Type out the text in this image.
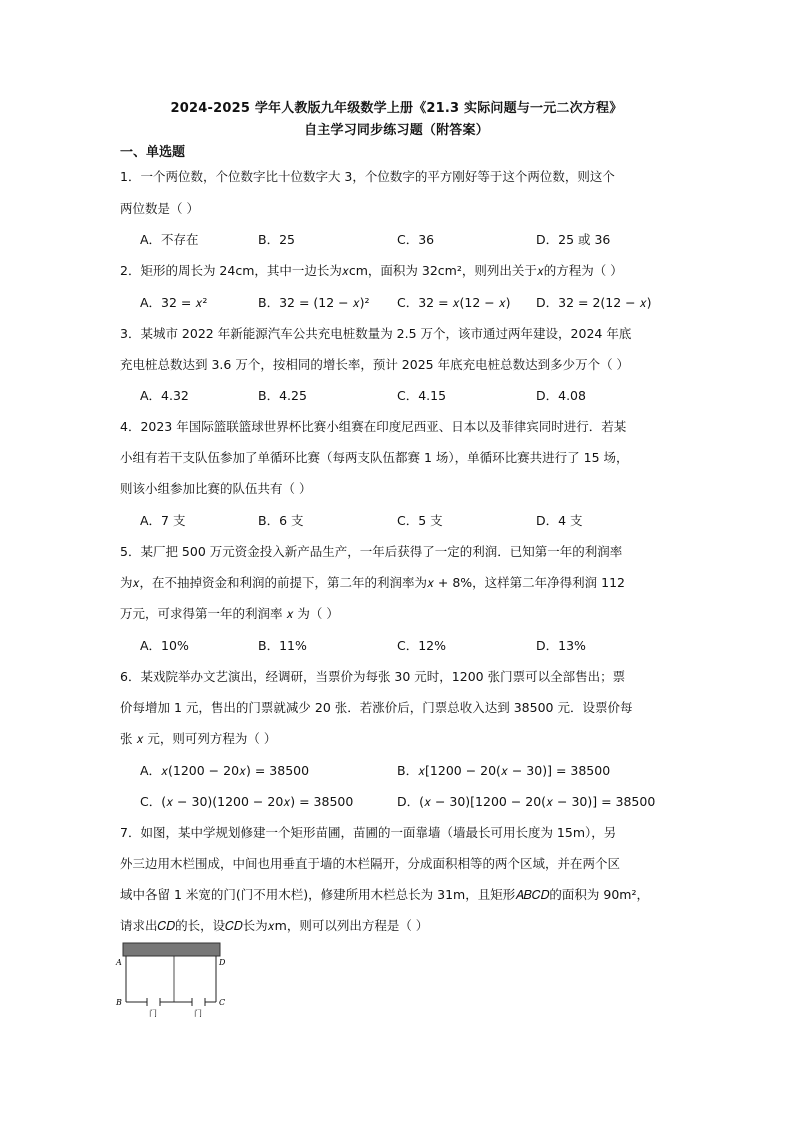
2024-2025 学年人教版九年级数学上册《21.3 实际问题与一元二次方程》
自主学习同步练习题（附答案）
一、单选题
1．一个两位数，个位数字比十位数字大 3，个位数字的平方刚好等于这个两位数，则这个
两位数是（ ）
A．不存在	B．25	C．36	D．25 或 36
2．矩形的周长为 24cm，其中一边长为𝑥cm，面积为 32cm²，则列出关于𝑥的方程为（ ）
A．32 = 𝑥²	B．32 = (12 − 𝑥)² C．32 = 𝑥(12 − 𝑥) D．32 = 2(12 − 𝑥)
3．某城市 2022 年新能源汽车公共充电桩数量为 2.5 万个，该市通过两年建设，2024 年底
充电桩总数达到 3.6 万个，按相同的增长率，预计 2025 年底充电桩总数达到多少万个（ ）
A．4.32	B．4.25	C．4.15	D．4.08
4．2023 年国际篮联篮球世界杯比赛小组赛在印度尼西亚、日本以及菲律宾同时进行．若某
小组有若干支队伍参加了单循环比赛（每两支队伍都赛 1 场），单循环比赛共进行了 15 场，
则该小组参加比赛的队伍共有（ ）
A．7 支	B．6 支	C．5 支	D．4 支
5．某厂把 500 万元资金投入新产品生产，一年后获得了一定的利润．已知第一年的利润率
为𝑥，在不抽掉资金和利润的前提下，第二年的利润率为𝑥 + 8%，这样第二年净得利润 112
万元，可求得第一年的利润率 𝑥 为（ ）
A．10%	B．11%	C．12%	D．13%
6．某戏院举办文艺演出，经调研，当票价为每张 30 元时，1200 张门票可以全部售出；票
价每增加 1 元，售出的门票就减少 20 张．若涨价后，门票总收入达到 38500 元．设票价每
张 𝑥 元，则可列方程为（ ）
A．𝑥(1200 − 20𝑥) = 38500	B．𝑥[1200 − 20(𝑥 − 30)] = 38500
C．(𝑥 − 30)(1200 − 20𝑥) = 38500	D．(𝑥 − 30)[1200 − 20(𝑥 − 30)] = 38500
7．如图，某中学规划修建一个矩形苗圃，苗圃的一面靠墙（墙最长可用长度为 15m），另
外三边用木栏围成，中间也用垂直于墙的木栏隔开，分成面积相等的两个区域，并在两个区
域中各留 1 米宽的门(门不用木栏)，修建所用木栏总长为 31m，且矩形𝐴𝐵𝐶𝐷的面积为 90m²，
请求出𝐶𝐷的长，设𝐶𝐷长为𝑥m，则可以列出方程是（ ）
A	D
B	C
门	门
